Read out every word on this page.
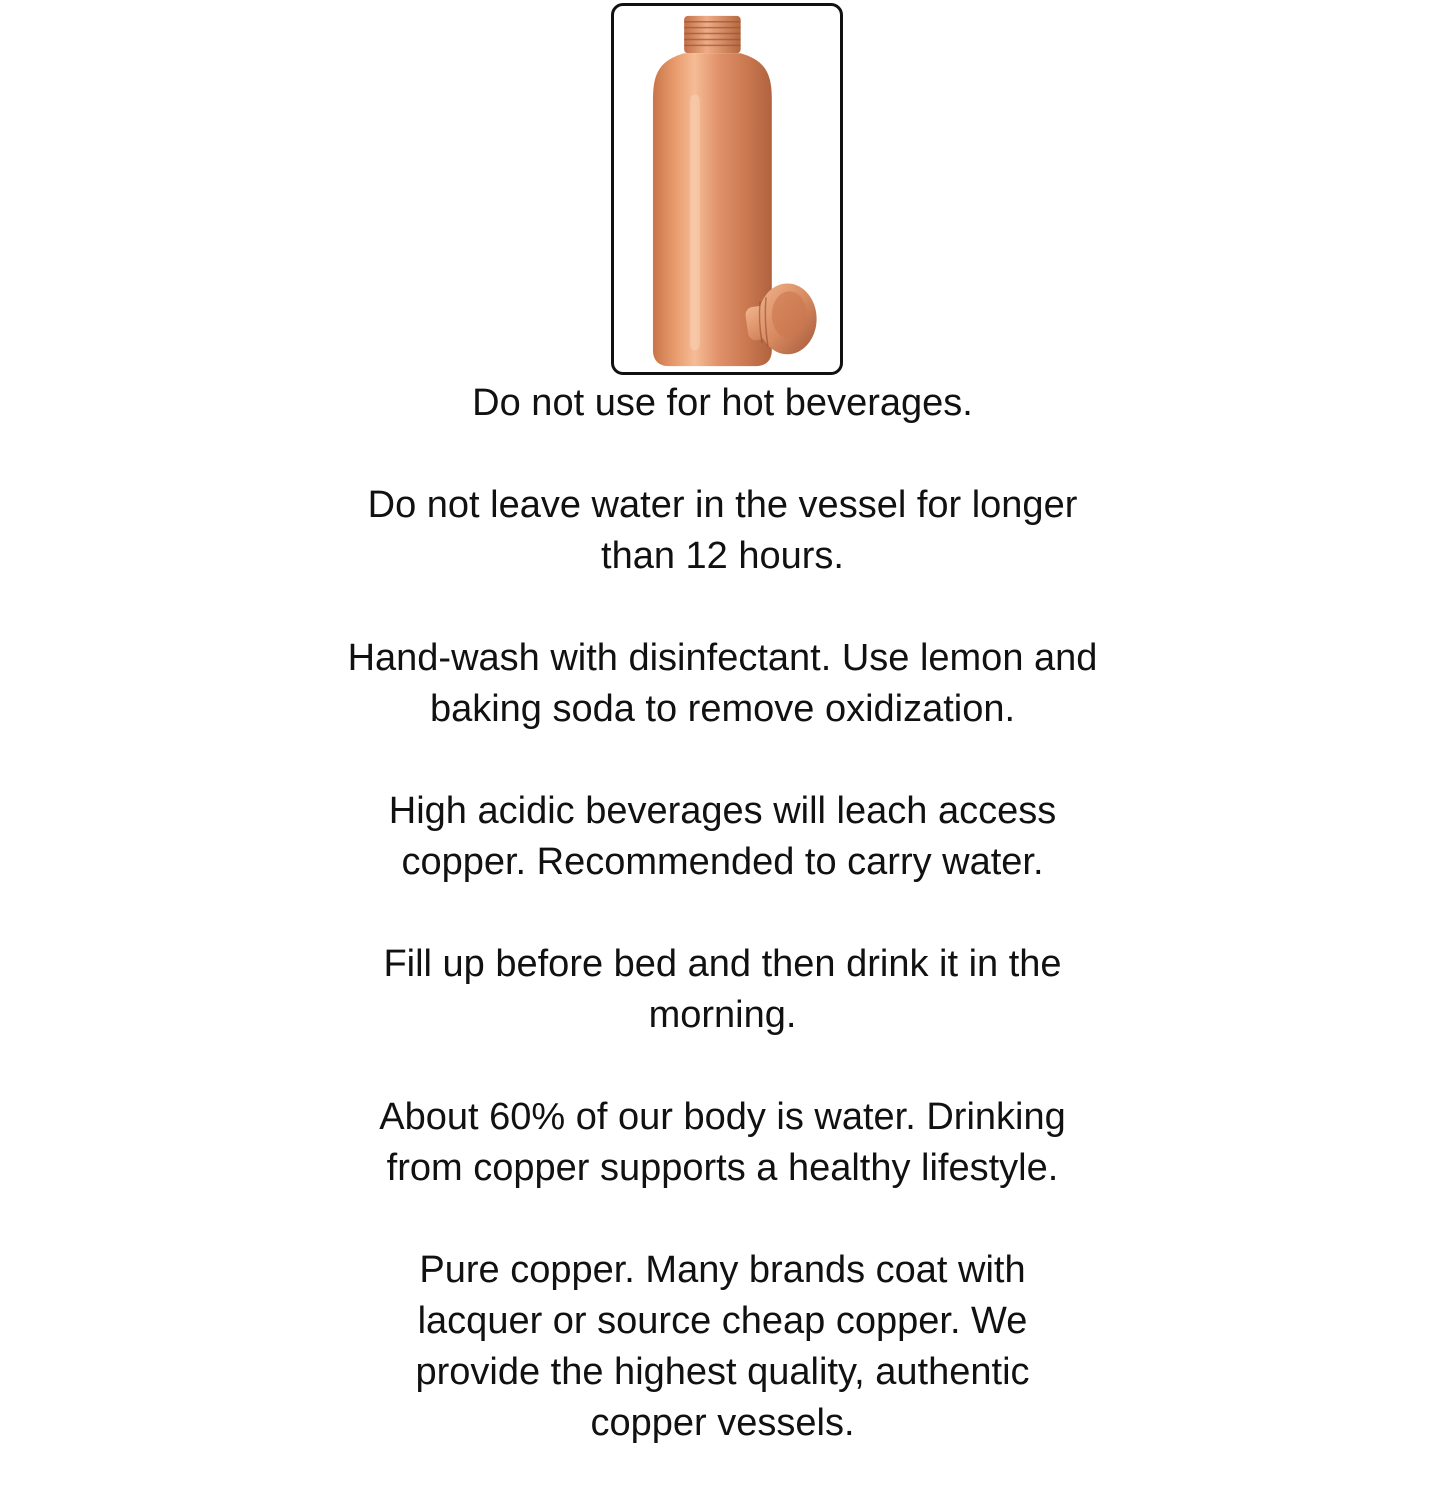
Do not use for hot beverages.
Do not leave water in the vessel for longer
than 12 hours.
Hand-wash with disinfectant. Use lemon and
baking soda to remove oxidization.
High acidic beverages will leach access
copper. Recommended to carry water.
Fill up before bed and then drink it in the
morning.
About 60% of our body is water. Drinking
from copper supports a healthy lifestyle.
Pure copper. Many brands coat with
lacquer or source cheap copper. We
provide the highest quality, authentic
copper vessels.
